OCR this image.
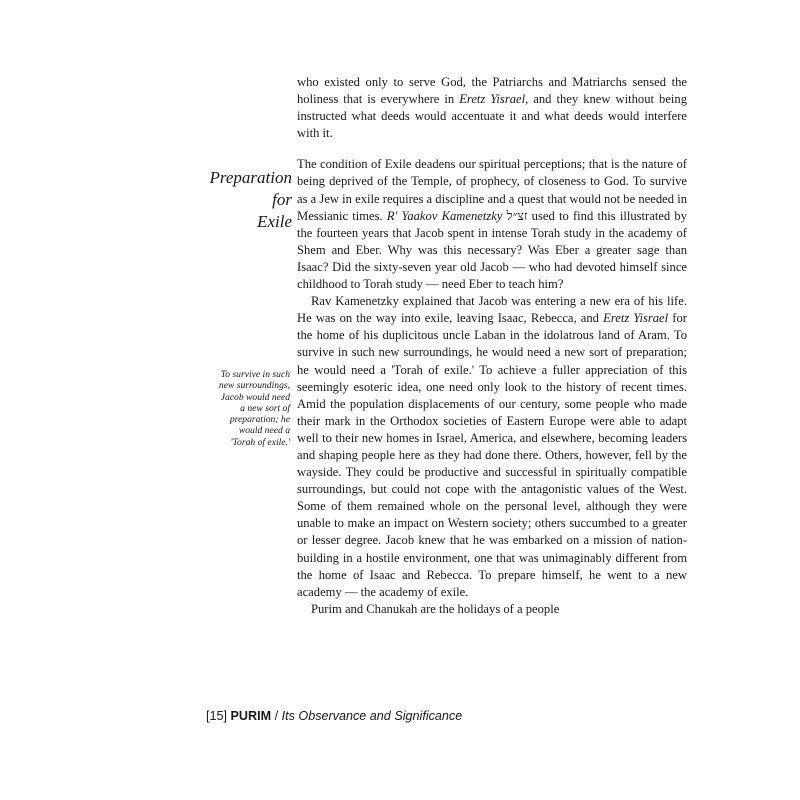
Preparation
for
Exile
To survive in such
new surroundings,
Jacob would need
a new sort of
preparation; he
would need a
'Torah of exile.'

who existed only to serve God, the Patriarchs and Matriarchs sensed the holiness that is everywhere in Eretz Yisrael, and they knew without being instructed what deeds would accentuate it and what deeds would interfere with it.

The condition of Exile deadens our spiritual perceptions; that is the nature of being deprived of the Temple, of prophecy, of closeness to God. To survive as a Jew in exile requires a discipline and a quest that would not be needed in Messianic times. R' Yaakov Kamenetzky זצ״ל used to find this illustrated by the fourteen years that Jacob spent in intense Torah study in the academy of Shem and Eber. Why was this necessary? Was Eber a greater sage than Isaac? Did the sixty-seven year old Jacob — who had devoted himself since childhood to Torah study — need Eber to teach him?

Rav Kamenetzky explained that Jacob was entering a new era of his life. He was on the way into exile, leaving Isaac, Rebecca, and Eretz Yisrael for the home of his duplicitous uncle Laban in the idolatrous land of Aram. To survive in such new surroundings, he would need a new sort of preparation; he would need a 'Torah of exile.' To achieve a fuller appreciation of this seemingly esoteric idea, one need only look to the history of recent times. Amid the population displacements of our century, some people who made their mark in the Orthodox societies of Eastern Europe were able to adapt well to their new homes in Israel, America, and elsewhere, becoming leaders and shaping people here as they had done there. Others, however, fell by the wayside. They could be productive and successful in spiritually compatible surroundings, but could not cope with the antagonistic values of the West. Some of them remained whole on the personal level, although they were unable to make an impact on Western society; others succumbed to a greater or lesser degree. Jacob knew that he was embarked on a mission of nation-building in a hostile environment, one that was unimaginably different from the home of Isaac and Rebecca. To prepare himself, he went to a new academy — the academy of exile.

Purim and Chanukah are the holidays of a people

[15] PURIM / Its Observance and Significance
